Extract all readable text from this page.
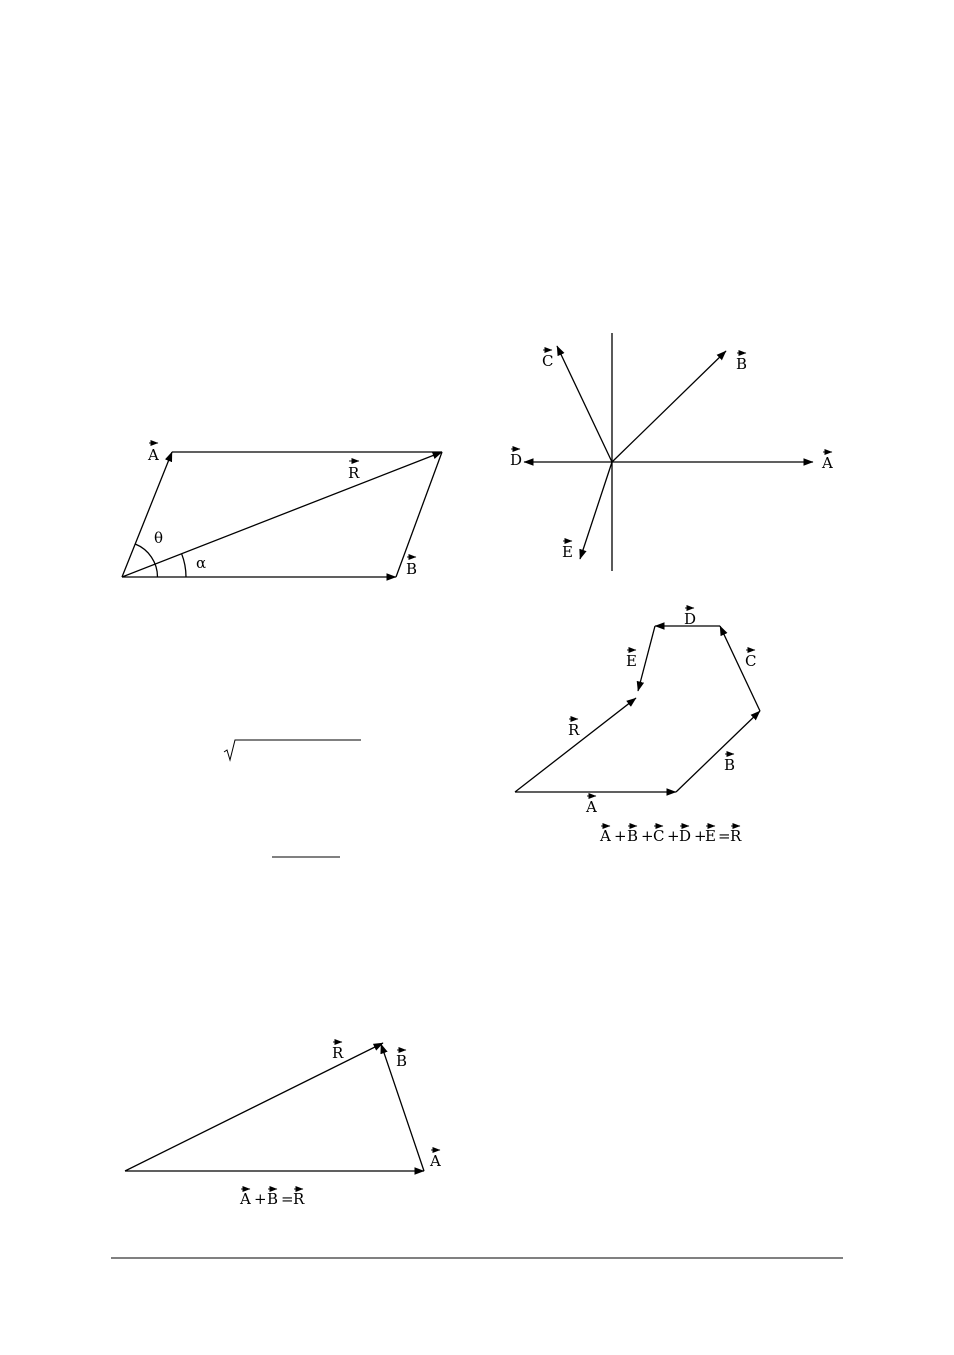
A
R
B
θ
α
A
D
B
C
E
A
B
C
D
E
R
A + B + C + D +
E = R
R	B
A
A + B = R
